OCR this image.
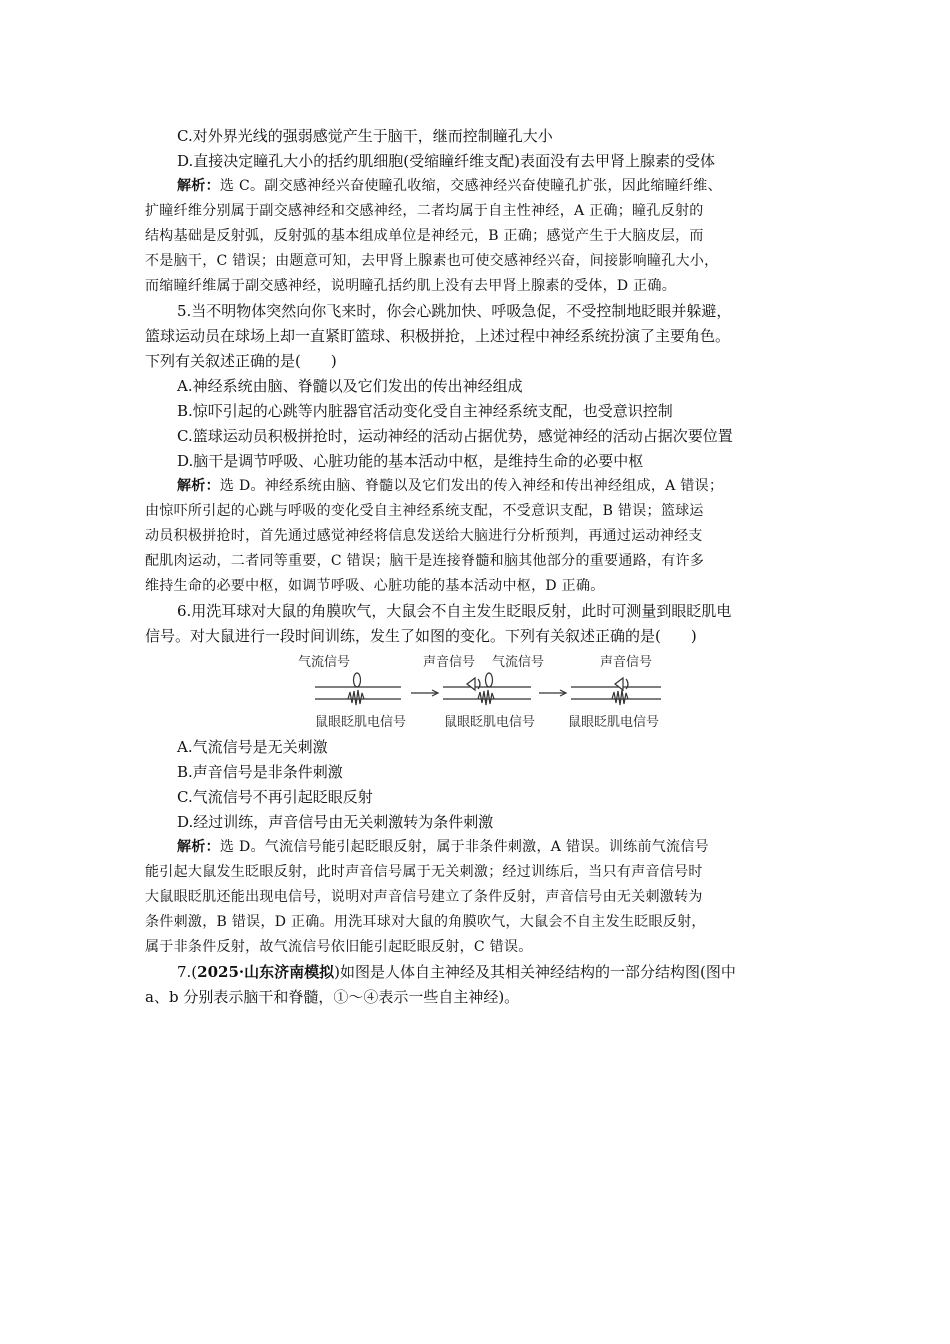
C.对外界光线的强弱感觉产生于脑干，继而控制瞳孔大小
D.直接决定瞳孔大小的括约肌细胞(受缩瞳纤维支配)表面没有去甲肾上腺素的受体
解析：选 C。副交感神经兴奋使瞳孔收缩，交感神经兴奋使瞳孔扩张，因此缩瞳纤维、
扩瞳纤维分别属于副交感神经和交感神经，二者均属于自主性神经，A 正确；瞳孔反射的
结构基础是反射弧，反射弧的基本组成单位是神经元，B 正确；感觉产生于大脑皮层，而
不是脑干，C 错误；由题意可知，去甲肾上腺素也可使交感神经兴奋，间接影响瞳孔大小，
而缩瞳纤维属于副交感神经，说明瞳孔括约肌上没有去甲肾上腺素的受体，D 正确。
5.当不明物体突然向你飞来时，你会心跳加快、呼吸急促，不受控制地眨眼并躲避，
篮球运动员在球场上却一直紧盯篮球、积极拼抢，上述过程中神经系统扮演了主要角色。
下列有关叙述正确的是(　　)
A.神经系统由脑、脊髓以及它们发出的传出神经组成
B.惊吓引起的心跳等内脏器官活动变化受自主神经系统支配，也受意识控制
C.篮球运动员积极拼抢时，运动神经的活动占据优势，感觉神经的活动占据次要位置
D.脑干是调节呼吸、心脏功能的基本活动中枢，是维持生命的必要中枢
解析：选 D。神经系统由脑、脊髓以及它们发出的传入神经和传出神经组成，A 错误；
由惊吓所引起的心跳与呼吸的变化受自主神经系统支配，不受意识支配，B 错误；篮球运
动员积极拼抢时，首先通过感觉神经将信息发送给大脑进行分析预判，再通过运动神经支
配肌肉运动，二者同等重要，C 错误；脑干是连接脊髓和脑其他部分的重要通路，有许多
维持生命的必要中枢，如调节呼吸、心脏功能的基本活动中枢，D 正确。
6.用洗耳球对大鼠的角膜吹气，大鼠会不自主发生眨眼反射，此时可测量到眼眨肌电
信号。对大鼠进行一段时间训练，发生了如图的变化。下列有关叙述正确的是(　　)
气流信号	声音信号 气流信号	声音信号
鼠眼眨肌电信号	鼠眼眨肌电信号	鼠眼眨肌电信号
A.气流信号是无关刺激
B.声音信号是非条件刺激
C.气流信号不再引起眨眼反射
D.经过训练，声音信号由无关刺激转为条件刺激
解析：选 D。气流信号能引起眨眼反射，属于非条件刺激，A 错误。训练前气流信号
能引起大鼠发生眨眼反射，此时声音信号属于无关刺激；经过训练后，当只有声音信号时
大鼠眼眨肌还能出现电信号，说明对声音信号建立了条件反射，声音信号由无关刺激转为
条件刺激，B 错误，D 正确。用洗耳球对大鼠的角膜吹气，大鼠会不自主发生眨眼反射，
属于非条件反射，故气流信号依旧能引起眨眼反射，C 错误。
7.(2025·山东济南模拟)如图是人体自主神经及其相关神经结构的一部分结构图(图中
a、b 分别表示脑干和脊髓，①～④表示一些自主神经)。
